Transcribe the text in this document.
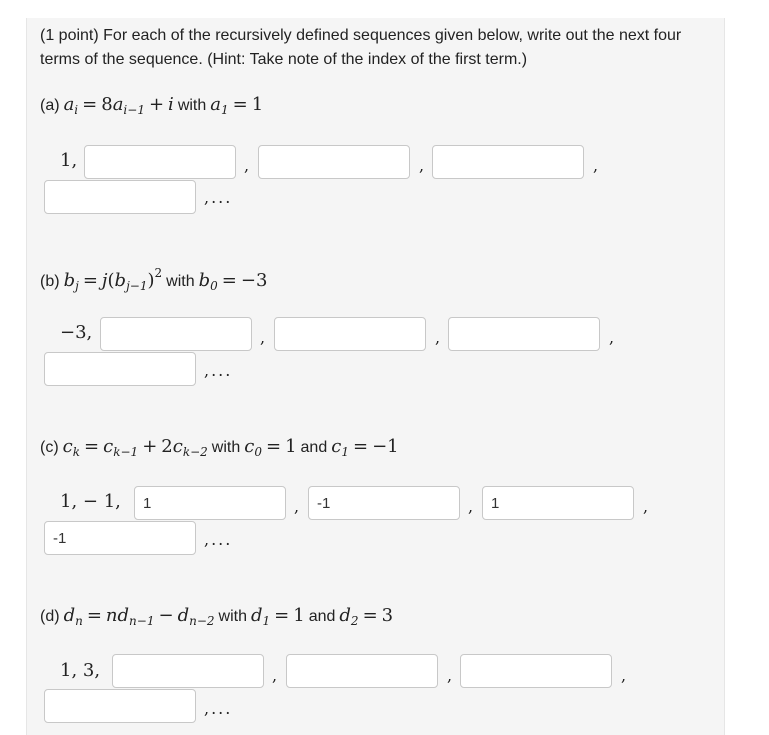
(1 point) For each of the recursively defined sequences given below, write out the next four terms of the sequence. (Hint: Take note of the index of the first term.)
(a) $a_i = 8a_{i-1} + i$ with $a_1 = 1$
1,	,	,	,
,...
(b) $b_j = j(b_{j-1})^2$ with $b_0 = -3$
−3,	,	,	,
,...
(c) $c_k = c_{k-1} + 2c_{k-2}$ with $c_0 = 1$ and $c_1 = -1$
1, − 1,
1	,
-1	,
1	,
-1
,...
(d) $d_n = nd_{n-1} - d_{n-2}$ with $d_1 = 1$ and $d_2 = 3$
1, 3,	,	,	,
,...
